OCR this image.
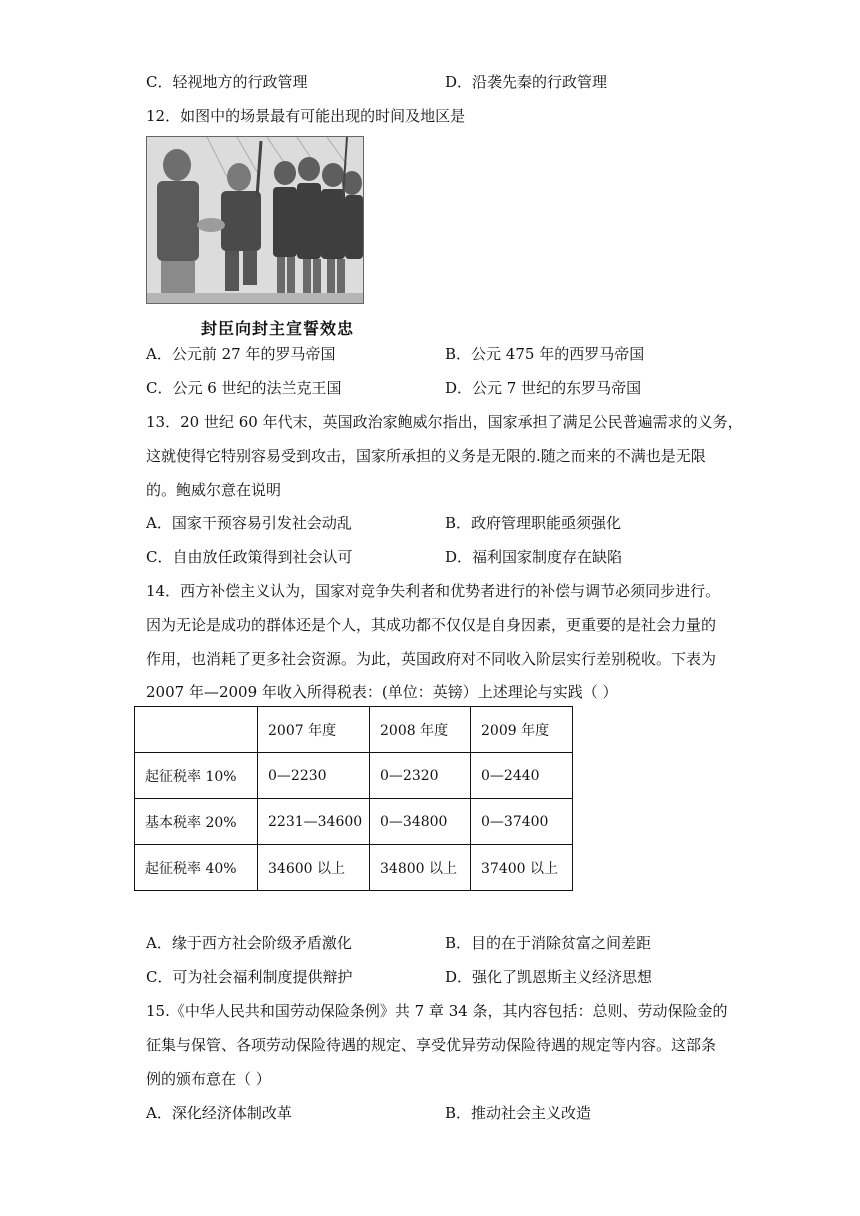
C．轻视地方的行政管理	D．沿袭先秦的行政管理
12．如图中的场景最有可能出现的时间及地区是
封臣向封主宣誓效忠
A．公元前 27 年的罗马帝国	B．公元 475 年的西罗马帝国
C．公元 6 世纪的法兰克王国	D．公元 7 世纪的东罗马帝国
13．20 世纪 60 年代末，英国政治家鲍威尔指出，国家承担了满足公民普遍需求的义务，
这就使得它特别容易受到攻击，国家所承担的义务是无限的.随之而来的不满也是无限
的。鲍威尔意在说明
A．国家干预容易引发社会动乱	B．政府管理职能亟须强化
C．自由放任政策得到社会认可	D．福利国家制度存在缺陷
14．西方补偿主义认为，国家对竞争失利者和优势者进行的补偿与调节必须同步进行。
因为无论是成功的群体还是个人，其成功都不仅仅是自身因素，更重要的是社会力量的
作用，也消耗了更多社会资源。为此，英国政府对不同收入阶层实行差别税收。下表为
2007 年—2009 年收入所得税表：(单位：英镑）上述理论与实践（ ）
	2007 年度	2008 年度	2009 年度
起征税率 10%	0—2230	0—2320	0—2440
基本税率 20%	2231—34600	0—34800	0—37400
起征税率 40%	34600 以上	34800 以上	37400 以上
A．缘于西方社会阶级矛盾激化	B．目的在于消除贫富之间差距
C．可为社会福利制度提供辩护	D．强化了凯恩斯主义经济思想
15.《中华人民共和国劳动保险条例》共 7 章 34 条，其内容包括：总则、劳动保险金的
征集与保管、各项劳动保险待遇的规定、享受优异劳动保险待遇的规定等内容。这部条
例的颁布意在（ ）
A．深化经济体制改革	B．推动社会主义改造
